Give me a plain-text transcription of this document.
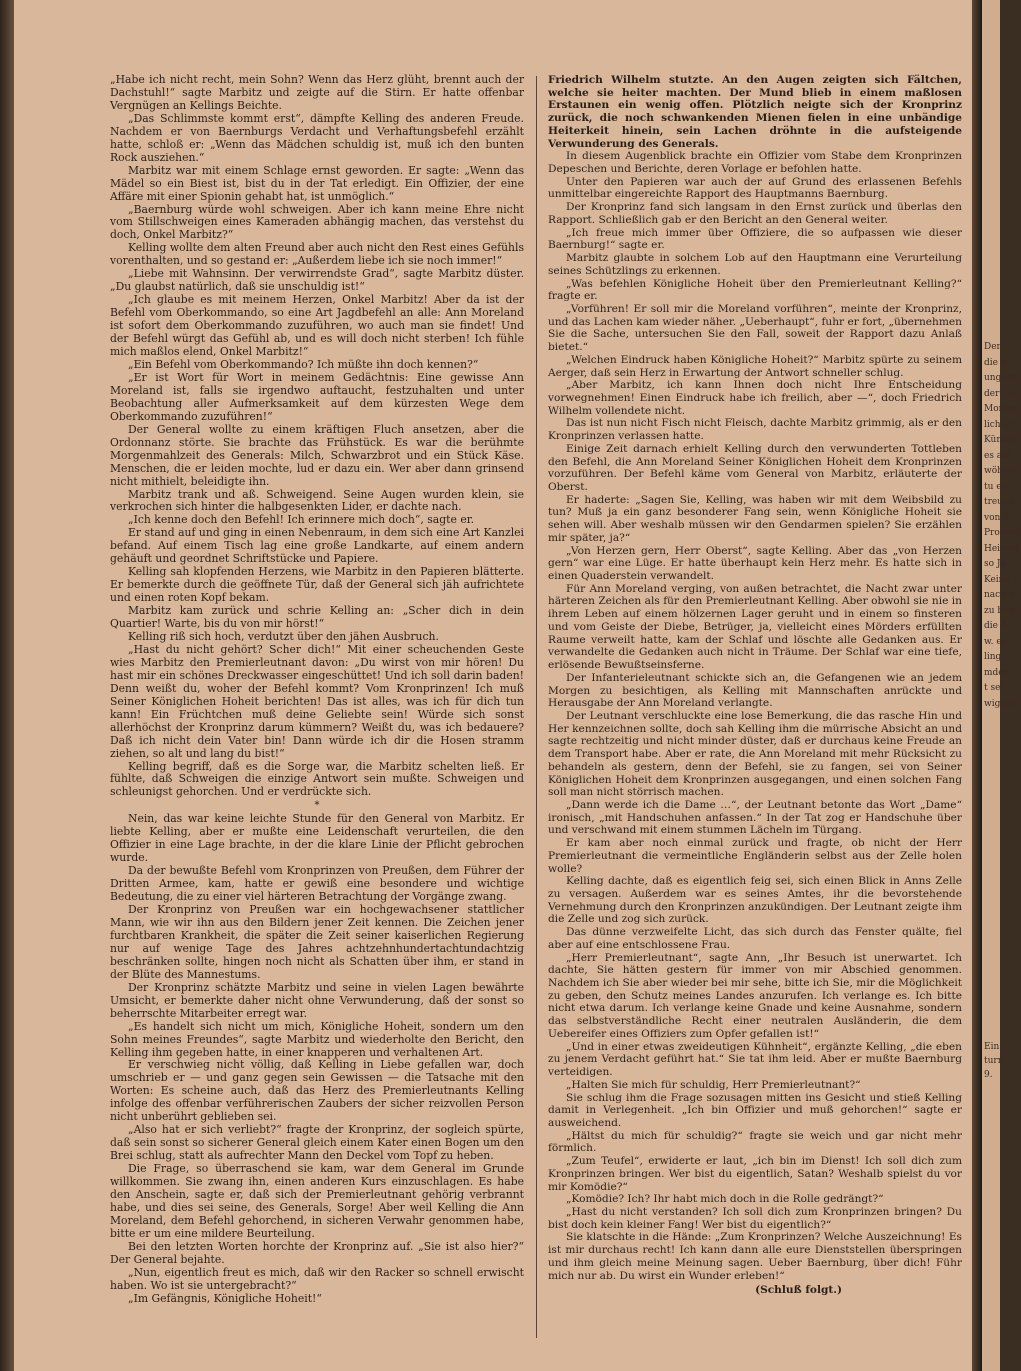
„Habe ich nicht recht, mein Sohn? Wenn das Herz glüht, brennt auch der Dachstuhl!“ sagte Marbitz und zeigte auf die Stirn. Er hatte offenbar Vergnügen an Kellings Beichte.

„Das Schlimmste kommt erst“, dämpfte Kelling des anderen Freude. Nachdem er von Baernburgs Verdacht und Verhaftungsbefehl erzählt hatte, schloß er: „Wenn das Mädchen schuldig ist, muß ich den bunten Rock ausziehen.“

Marbitz war mit einem Schlage ernst geworden. Er sagte: „Wenn das Mädel so ein Biest ist, bist du in der Tat erledigt. Ein Offizier, der eine Affäre mit einer Spionin gehabt hat, ist unmöglich.“

„Baernburg würde wohl schweigen. Aber ich kann meine Ehre nicht vom Stillschweigen eines Kameraden abhängig machen, das verstehst du doch, Onkel Marbitz?“

Kelling wollte dem alten Freund aber auch nicht den Rest eines Gefühls vorenthalten, und so gestand er: „Außerdem liebe ich sie noch immer!“

„Liebe mit Wahnsinn. Der verwirrendste Grad“, sagte Marbitz düster. „Du glaubst natürlich, daß sie unschuldig ist!“

„Ich glaube es mit meinem Herzen, Onkel Marbitz! Aber da ist der Befehl vom Oberkommando, so eine Art Jagdbefehl an alle: Ann Moreland ist sofort dem Oberkommando zuzuführen, wo auch man sie findet! Und der Befehl würgt das Gefühl ab, und es will doch nicht sterben! Ich fühle mich maßlos elend, Onkel Marbitz!“

„Ein Befehl vom Oberkommando? Ich müßte ihn doch kennen?“

„Er ist Wort für Wort in meinem Gedächtnis: Eine gewisse Ann Moreland ist, falls sie irgendwo auftaucht, festzuhalten und unter Beobachtung aller Aufmerksamkeit auf dem kürzesten Wege dem Oberkommando zuzuführen!“

Der General wollte zu einem kräftigen Fluch ansetzen, aber die Ordonnanz störte. Sie brachte das Frühstück. Es war die berühmte Morgenmahlzeit des Generals: Milch, Schwarzbrot und ein Stück Käse. Menschen, die er leiden mochte, lud er dazu ein. Wer aber dann grinsend nicht mithielt, beleidigte ihn.

Marbitz trank und aß. Schweigend. Seine Augen wurden klein, sie verkrochen sich hinter die halbgesenkten Lider, er dachte nach.

„Ich kenne doch den Befehl! Ich erinnere mich doch“, sagte er.

Er stand auf und ging in einen Nebenraum, in dem sich eine Art Kanzlei befand. Auf einem Tisch lag eine große Landkarte, auf einem andern gehäuft und geordnet Schriftstücke und Papiere.

Kelling sah klopfenden Herzens, wie Marbitz in den Papieren blätterte. Er bemerkte durch die geöffnete Tür, daß der General sich jäh aufrichtete und einen roten Kopf bekam.

Marbitz kam zurück und schrie Kelling an: „Scher dich in dein Quartier! Warte, bis du von mir hörst!“

Kelling riß sich hoch, verdutzt über den jähen Ausbruch.

„Hast du nicht gehört? Scher dich!“ Mit einer scheuchenden Geste wies Marbitz den Premierleutnant davon: „Du wirst von mir hören! Du hast mir ein schönes Dreckwasser eingeschüttet! Und ich soll darin baden! Denn weißt du, woher der Befehl kommt? Vom Kronprinzen! Ich muß Seiner Königlichen Hoheit berichten! Das ist alles, was ich für dich tun kann! Ein Früchtchen muß deine Geliebte sein! Würde sich sonst allerhöchst der Kronprinz darum kümmern? Weißt du, was ich bedauere? Daß ich nicht dein Vater bin! Dann würde ich dir die Hosen stramm ziehen, so alt und lang du bist!“

Kelling begriff, daß es die Sorge war, die Marbitz schelten ließ. Er fühlte, daß Schweigen die einzige Antwort sein mußte. Schweigen und schleunigst gehorchen. Und er verdrückte sich.

*

Nein, das war keine leichte Stunde für den General von Marbitz. Er liebte Kelling, aber er mußte eine Leidenschaft verurteilen, die den Offizier in eine Lage brachte, in der die klare Linie der Pflicht gebrochen wurde.

Da der bewußte Befehl vom Kronprinzen von Preußen, dem Führer der Dritten Armee, kam, hatte er gewiß eine besondere und wichtige Bedeutung, die zu einer viel härteren Betrachtung der Vorgänge zwang.

Der Kronprinz von Preußen war ein hochgewachsener stattlicher Mann, wie wir ihn aus den Bildern jener Zeit kennen. Die Zeichen jener furchtbaren Krankheit, die später die Zeit seiner kaiserlichen Regierung nur auf wenige Tage des Jahres achtzehnhundertachtundachtzig beschränken sollte, hingen noch nicht als Schatten über ihm, er stand in der Blüte des Mannestums.

Der Kronprinz schätzte Marbitz und seine in vielen Lagen bewährte Umsicht, er bemerkte daher nicht ohne Verwunderung, daß der sonst so beherrschte Mitarbeiter erregt war.

„Es handelt sich nicht um mich, Königliche Hoheit, sondern um den Sohn meines Freundes“, sagte Marbitz und wiederholte den Bericht, den Kelling ihm gegeben hatte, in einer knapperen und verhaltenen Art.

Er verschwieg nicht völlig, daß Kelling in Liebe gefallen war, doch umschrieb er — und ganz gegen sein Gewissen — die Tatsache mit den Worten: Es scheine auch, daß das Herz des Premierleutnants Kelling infolge des offenbar verführerischen Zaubers der sicher reizvollen Person nicht unberührt geblieben sei.

„Also hat er sich verliebt?“ fragte der Kronprinz, der sogleich spürte, daß sein sonst so sicherer General gleich einem Kater einen Bogen um den Brei schlug, statt als aufrechter Mann den Deckel vom Topf zu heben.

Die Frage, so überraschend sie kam, war dem General im Grunde willkommen. Sie zwang ihn, einen anderen Kurs einzuschlagen. Es habe den Anschein, sagte er, daß sich der Premierleutnant gehörig verbrannt habe, und dies sei seine, des Generals, Sorge! Aber weil Kelling die Ann Moreland, dem Befehl gehorchend, in sicheren Verwahr genommen habe, bitte er um eine mildere Beurteilung.

Bei den letzten Worten horchte der Kronprinz auf. „Sie ist also hier?“ Der General bejahte.

„Nun, eigentlich freut es mich, daß wir den Racker so schnell erwischt haben. Wo ist sie untergebracht?“

„Im Gefängnis, Königliche Hoheit!“

Friedrich Wilhelm stutzte. An den Augen zeigten sich Fältchen, welche sie heiter machten. Der Mund blieb in einem maßlosen Erstaunen ein wenig offen. Plötzlich neigte sich der Kronprinz zurück, die noch schwankenden Mienen fielen in eine unbändige Heiterkeit hinein, sein Lachen dröhnte in die aufsteigende Verwunderung des Generals.

In diesem Augenblick brachte ein Offizier vom Stabe dem Kronprinzen Depeschen und Berichte, deren Vorlage er befohlen hatte.

Unter den Papieren war auch der auf Grund des erlassenen Befehls unmittelbar eingereichte Rapport des Hauptmanns Baernburg.

Der Kronprinz fand sich langsam in den Ernst zurück und überlas den Rapport. Schließlich gab er den Bericht an den General weiter.

„Ich freue mich immer über Offiziere, die so aufpassen wie dieser Baernburg!“ sagte er.

Marbitz glaubte in solchem Lob auf den Hauptmann eine Verurteilung seines Schützlings zu erkennen.

„Was befehlen Königliche Hoheit über den Premierleutnant Kelling?“ fragte er.

„Vorführen! Er soll mir die Moreland vorführen“, meinte der Kronprinz, und das Lachen kam wieder näher. „Ueberhaupt“, fuhr er fort, „übernehmen Sie die Sache, untersuchen Sie den Fall, soweit der Rapport dazu Anlaß bietet.“

„Welchen Eindruck haben Königliche Hoheit?“ Marbitz spürte zu seinem Aerger, daß sein Herz in Erwartung der Antwort schneller schlug.

„Aber Marbitz, ich kann Ihnen doch nicht Ihre Entscheidung vorwegnehmen! Einen Eindruck habe ich freilich, aber —“, doch Friedrich Wilhelm vollendete nicht.

Das ist nun nicht Fisch nicht Fleisch, dachte Marbitz grimmig, als er den Kronprinzen verlassen hatte.

Einige Zeit darnach erhielt Kelling durch den verwunderten Tottleben den Befehl, die Ann Moreland Seiner Königlichen Hoheit dem Kronprinzen vorzuführen. Der Befehl käme vom General von Marbitz, erläuterte der Oberst.

Er haderte: „Sagen Sie, Kelling, was haben wir mit dem Weibsbild zu tun? Muß ja ein ganz besonderer Fang sein, wenn Königliche Hoheit sie sehen will. Aber weshalb müssen wir den Gendarmen spielen? Sie erzählen mir später, ja?“

„Von Herzen gern, Herr Oberst“, sagte Kelling. Aber das „von Herzen gern“ war eine Lüge. Er hatte überhaupt kein Herz mehr. Es hatte sich in einen Quaderstein verwandelt.

Für Ann Moreland verging, von außen betrachtet, die Nacht zwar unter härteren Zeichen als für den Premierleutnant Kelling. Aber obwohl sie nie in ihrem Leben auf einem hölzernen Lager geruht und in einem so finsteren und vom Geiste der Diebe, Betrüger, ja, vielleicht eines Mörders erfüllten Raume verweilt hatte, kam der Schlaf und löschte alle Gedanken aus. Er verwandelte die Gedanken auch nicht in Träume. Der Schlaf war eine tiefe, erlösende Bewußtseinsferne.

Der Infanterieleutnant schickte sich an, die Gefangenen wie an jedem Morgen zu besichtigen, als Kelling mit Mannschaften anrückte und Herausgabe der Ann Moreland verlangte.

Der Leutnant verschluckte eine lose Bemerkung, die das rasche Hin und Her kennzeichnen sollte, doch sah Kelling ihm die mürrische Absicht an und sagte rechtzeitig und nicht minder düster, daß er durchaus keine Freude an dem Transport habe. Aber er rate, die Ann Moreland mit mehr Rücksicht zu behandeln als gestern, denn der Befehl, sie zu fangen, sei von Seiner Königlichen Hoheit dem Kronprinzen ausgegangen, und einen solchen Fang soll man nicht störrisch machen.

„Dann werde ich die Dame …“, der Leutnant betonte das Wort „Dame“ ironisch, „mit Handschuhen anfassen.“ In der Tat zog er Handschuhe über und verschwand mit einem stummen Lächeln im Türgang.

Er kam aber noch einmal zurück und fragte, ob nicht der Herr Premierleutnant die vermeintliche Engländerin selbst aus der Zelle holen wolle?

Kelling dachte, daß es eigentlich feig sei, sich einen Blick in Anns Zelle zu versagen. Außerdem war es seines Amtes, ihr die bevorstehende Vernehmung durch den Kronprinzen anzukündigen. Der Leutnant zeigte ihm die Zelle und zog sich zurück.

Das dünne verzweifelte Licht, das sich durch das Fenster quälte, fiel aber auf eine entschlossene Frau.

„Herr Premierleutnant“, sagte Ann, „Ihr Besuch ist unerwartet. Ich dachte, Sie hätten gestern für immer von mir Abschied genommen. Nachdem ich Sie aber wieder bei mir sehe, bitte ich Sie, mir die Möglichkeit zu geben, den Schutz meines Landes anzurufen. Ich verlange es. Ich bitte nicht etwa darum. Ich verlange keine Gnade und keine Ausnahme, sondern das selbstverständliche Recht einer neutralen Ausländerin, die dem Uebereifer eines Offiziers zum Opfer gefallen ist!“

„Und in einer etwas zweideutigen Kühnheit“, ergänzte Kelling, „die eben zu jenem Verdacht geführt hat.“ Sie tat ihm leid. Aber er mußte Baernburg verteidigen.

„Halten Sie mich für schuldig, Herr Premierleutnant?“

Sie schlug ihm die Frage sozusagen mitten ins Gesicht und stieß Kelling damit in Verlegenheit. „Ich bin Offizier und muß gehorchen!“ sagte er ausweichend.

„Hältst du mich für schuldig?“ fragte sie weich und gar nicht mehr förmlich.

„Zum Teufel“, erwiderte er laut, „ich bin im Dienst! Ich soll dich zum Kronprinzen bringen. Wer bist du eigentlich, Satan? Weshalb spielst du vor mir Komödie?“

„Komödie? Ich? Ihr habt mich doch in die Rolle gedrängt?“

„Hast du nicht verstanden? Ich soll dich zum Kronprinzen bringen? Du bist doch kein kleiner Fang! Wer bist du eigentlich?“

Sie klatschte in die Hände: „Zum Kronprinzen? Welche Auszeichnung! Es ist mir durchaus recht! Ich kann dann alle eure Dienststellen überspringen und ihm gleich meine Meinung sagen. Ueber Baernburg, über dich! Führ mich nur ab. Du wirst ein Wunder erleben!“

(Schluß folgt.)
Der
die wi
ungepo
der Op
Montan
lich ur
Künstle
es auf
wöhnen
tu ein
treuen
von S
Professi
Heimes
so Jo
Keine t
nach b
zu ben
die A
w. es
ling
mder
t sei
wigend
Ein
turn 9.
